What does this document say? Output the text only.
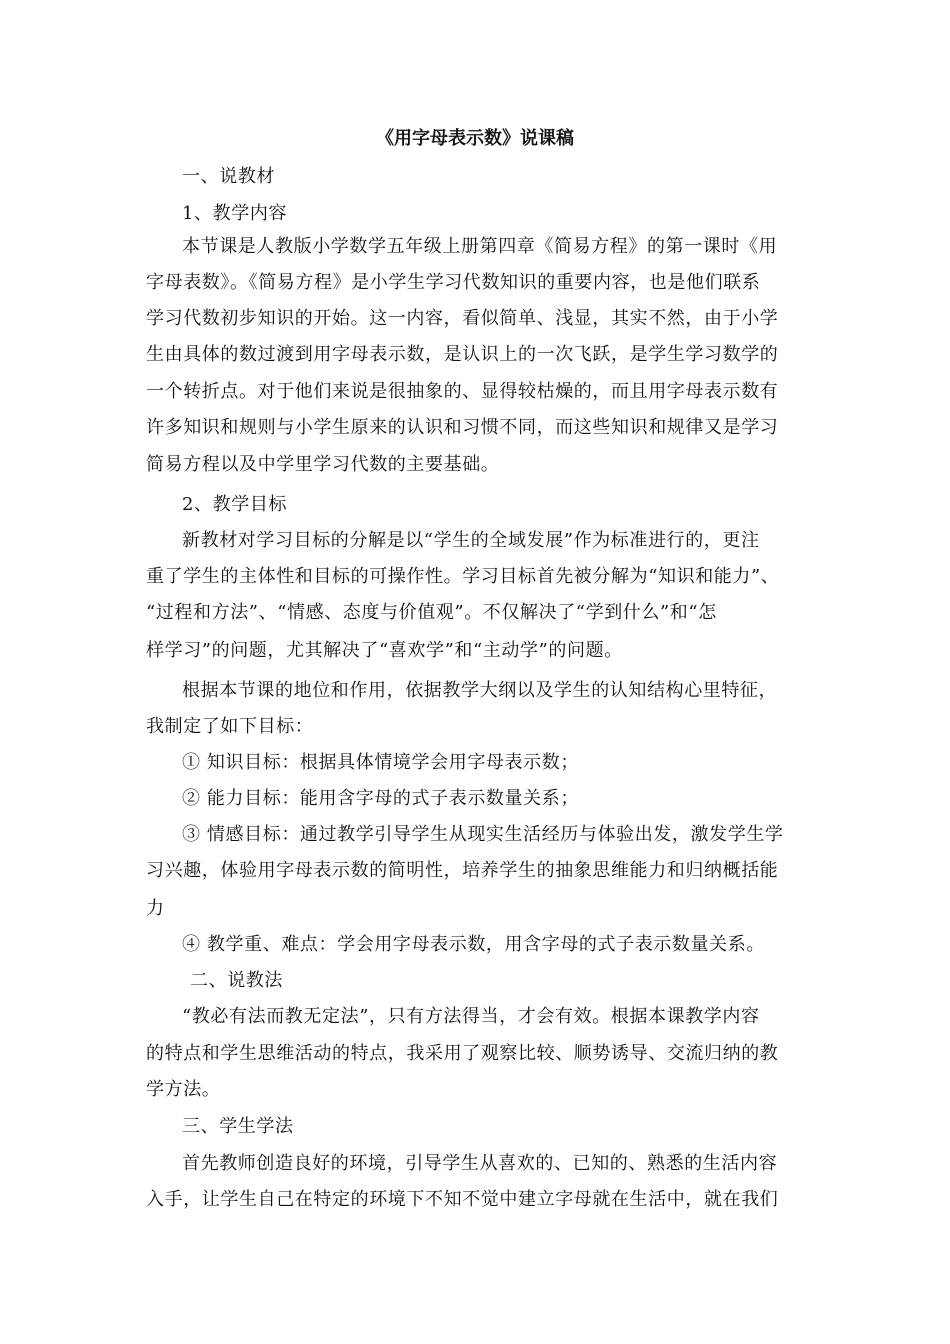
《用字母表示数》说课稿
一、说教材
1、教学内容
本节课是人教版小学数学五年级上册第四章《简易方程》的第一课时《用
字母表数》。《简易方程》是小学生学习代数知识的重要内容，也是他们联系
学习代数初步知识的开始。这一内容，看似简单、浅显，其实不然，由于小学
生由具体的数过渡到用字母表示数，是认识上的一次飞跃，是学生学习数学的
一个转折点。对于他们来说是很抽象的、显得较枯燥的，而且用字母表示数有
许多知识和规则与小学生原来的认识和习惯不同，而这些知识和规律又是学习
简易方程以及中学里学习代数的主要基础。
2、教学目标
新教材对学习目标的分解是以“学生的全域发展”作为标准进行的，更注
重了学生的主体性和目标的可操作性。学习目标首先被分解为“知识和能力”、
“过程和方法”、“情感、态度与价值观”。不仅解决了“学到什么”和“怎
样学习”的问题，尤其解决了“喜欢学”和“主动学”的问题。
根据本节课的地位和作用，依据教学大纲以及学生的认知结构心里特征，
我制定了如下目标：
① 知识目标：根据具体情境学会用字母表示数；
② 能力目标：能用含字母的式子表示数量关系；
③ 情感目标：通过教学引导学生从现实生活经历与体验出发，激发学生学
习兴趣，体验用字母表示数的简明性，培养学生的抽象思维能力和归纳概括能
力
④ 教学重、难点：学会用字母表示数，用含字母的式子表示数量关系。
二、说教法
“教必有法而教无定法”，只有方法得当，才会有效。根据本课教学内容
的特点和学生思维活动的特点，我采用了观察比较、顺势诱导、交流归纳的教
学方法。
三、学生学法
首先教师创造良好的环境，引导学生从喜欢的、已知的、熟悉的生活内容
入手，让学生自己在特定的环境下不知不觉中建立字母就在生活中，就在我们
